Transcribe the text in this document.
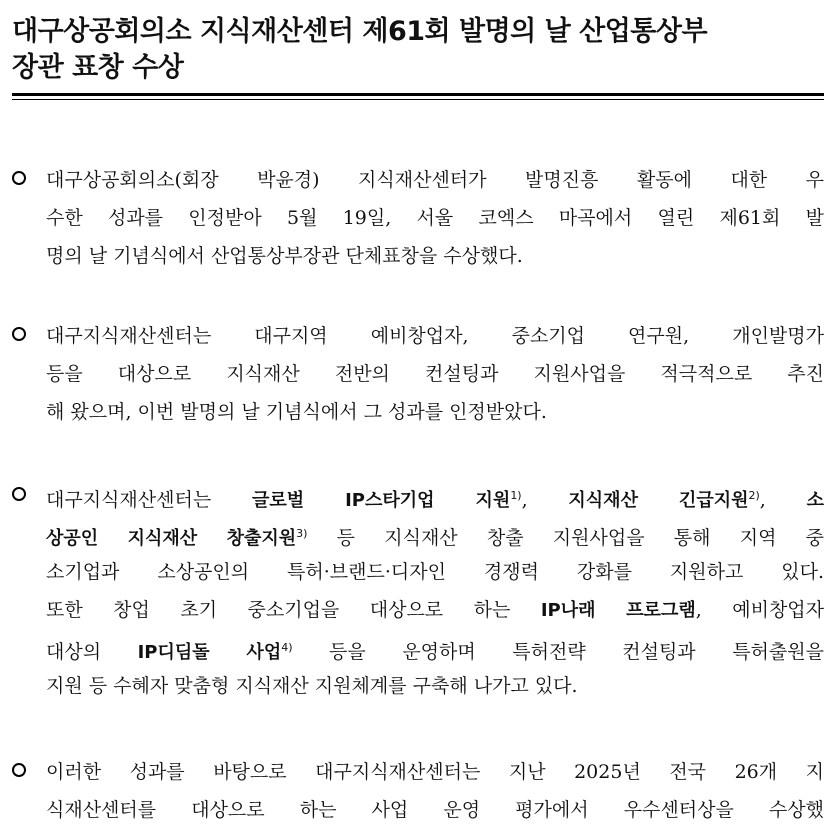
대구상공회의소 지식재산센터 제61회 발명의 날 산업통상부
장관 표창 수상
대구상공회의소(회장 박윤경) 지식재산센터가 발명진흥 활동에 대한 우
수한 성과를 인정받아 5월 19일, 서울 코엑스 마곡에서 열린 제61회 발
명의 날 기념식에서 산업통상부장관 단체표창을 수상했다.
대구지식재산센터는 대구지역 예비창업자, 중소기업 연구원, 개인발명가
등을 대상으로 지식재산 전반의 컨설팅과 지원사업을 적극적으로 추진
해 왔으며, 이번 발명의 날 기념식에서 그 성과를 인정받았다.
대구지식재산센터는 글로벌 IP스타기업 지원$^{1)}$, 지식재산 긴급지원$^{2)}$, 소
상공인 지식재산 창출지원$^{3)}$ 등 지식재산 창출 지원사업을 통해 지역 중
소기업과 소상공인의 특허·브랜드·디자인 경쟁력 강화를 지원하고 있다.
또한 창업 초기 중소기업을 대상으로 하는 IP나래 프로그램, 예비창업자
대상의 IP디딤돌 사업$^{4)}$ 등을 운영하며 특허전략 컨설팅과 특허출원을
지원 등 수혜자 맞춤형 지식재산 지원체계를 구축해 나가고 있다.
이러한 성과를 바탕으로 대구지식재산센터는 지난 2025년 전국 26개 지
식재산센터를 대상으로 하는 사업 운영 평가에서 우수센터상을 수상했
